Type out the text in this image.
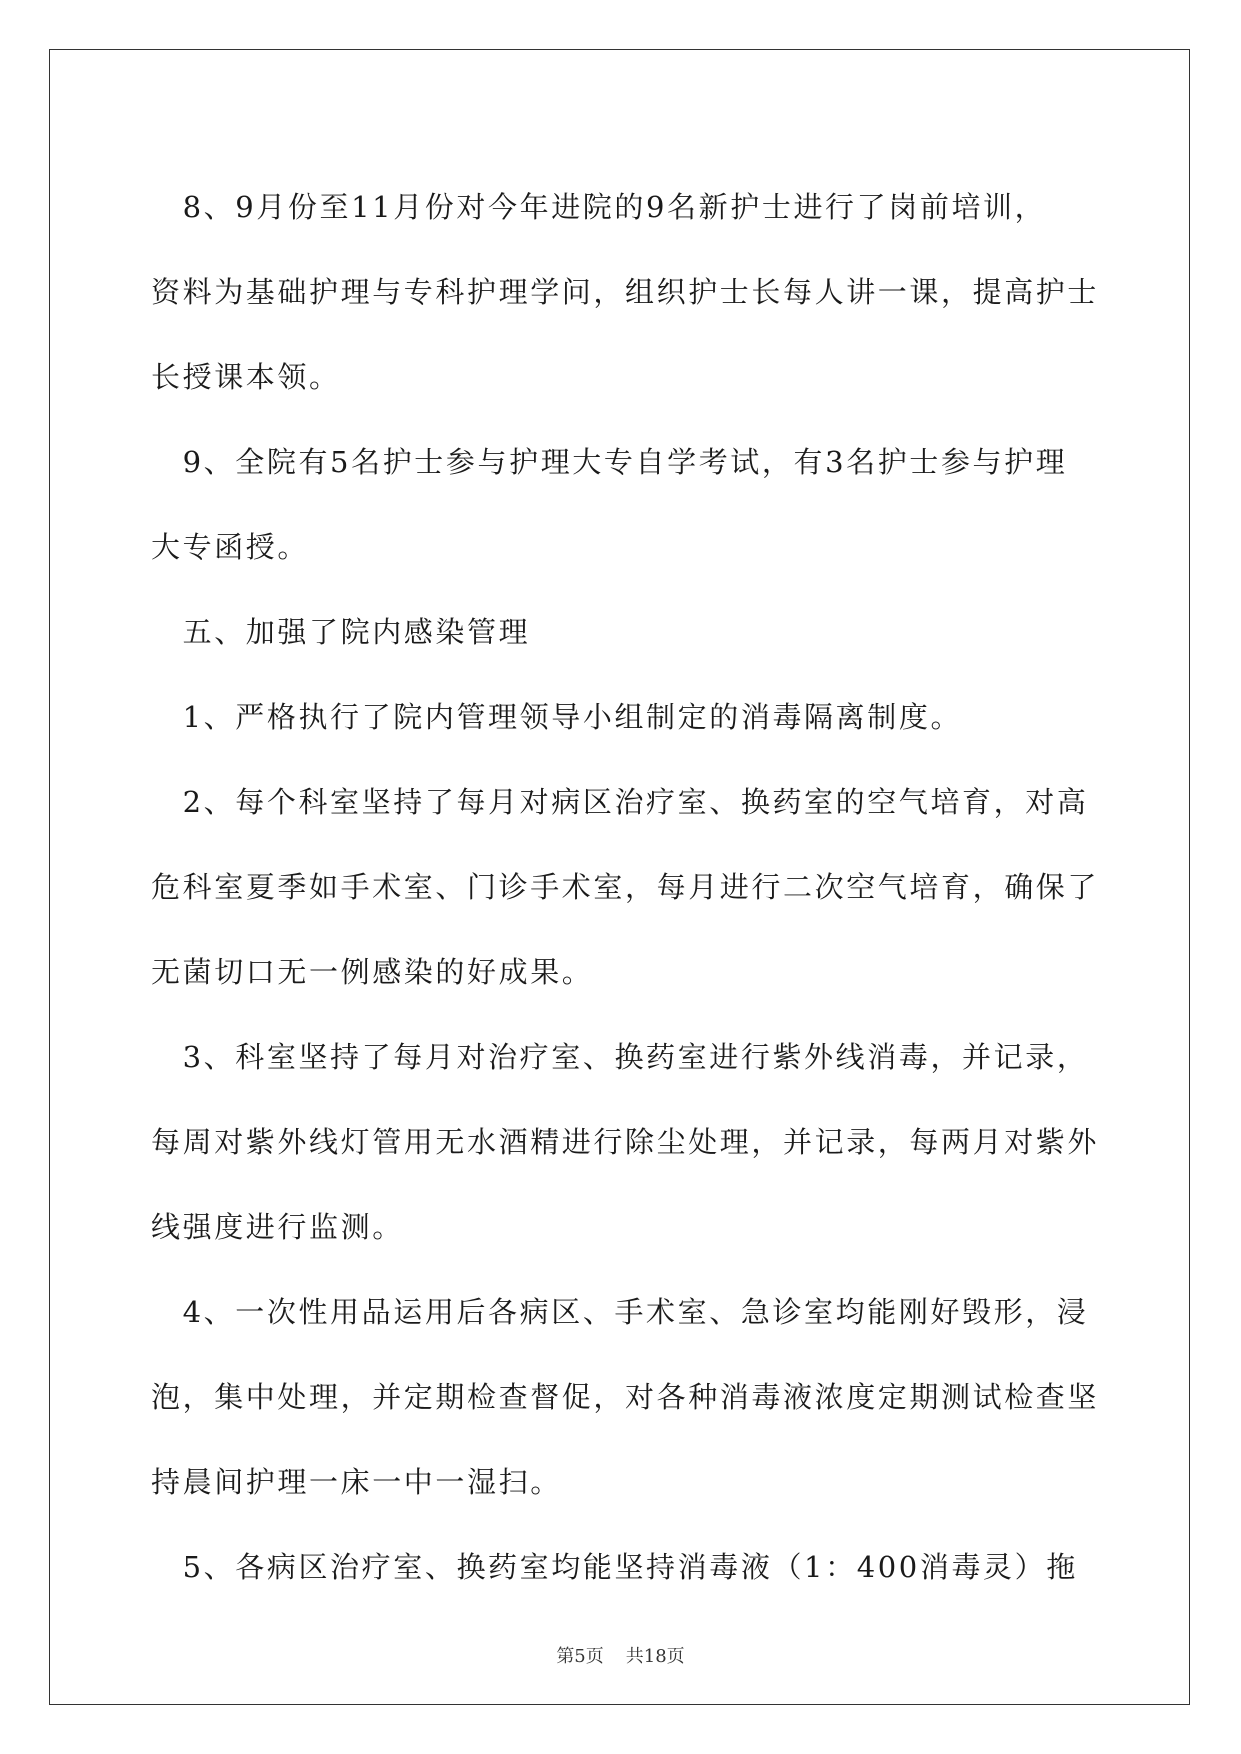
　8、9月份至11月份对今年进院的9名新护士进行了岗前培训，
资料为基础护理与专科护理学问，组织护士长每人讲一课，提高护士
长授课本领。
　9、全院有5名护士参与护理大专自学考试，有3名护士参与护理
大专函授。
　五、加强了院内感染管理
　1、严格执行了院内管理领导小组制定的消毒隔离制度。
　2、每个科室坚持了每月对病区治疗室、换药室的空气培育，对高
危科室夏季如手术室、门诊手术室，每月进行二次空气培育，确保了
无菌切口无一例感染的好成果。
　3、科室坚持了每月对治疗室、换药室进行紫外线消毒，并记录，
每周对紫外线灯管用无水酒精进行除尘处理，并记录，每两月对紫外
线强度进行监测。
　4、一次性用品运用后各病区、手术室、急诊室均能刚好毁形，浸
泡，集中处理，并定期检查督促，对各种消毒液浓度定期测试检查坚
持晨间护理一床一中一湿扫。
　5、各病区治疗室、换药室均能坚持消毒液（1：400消毒灵）拖
第5页 共18页
